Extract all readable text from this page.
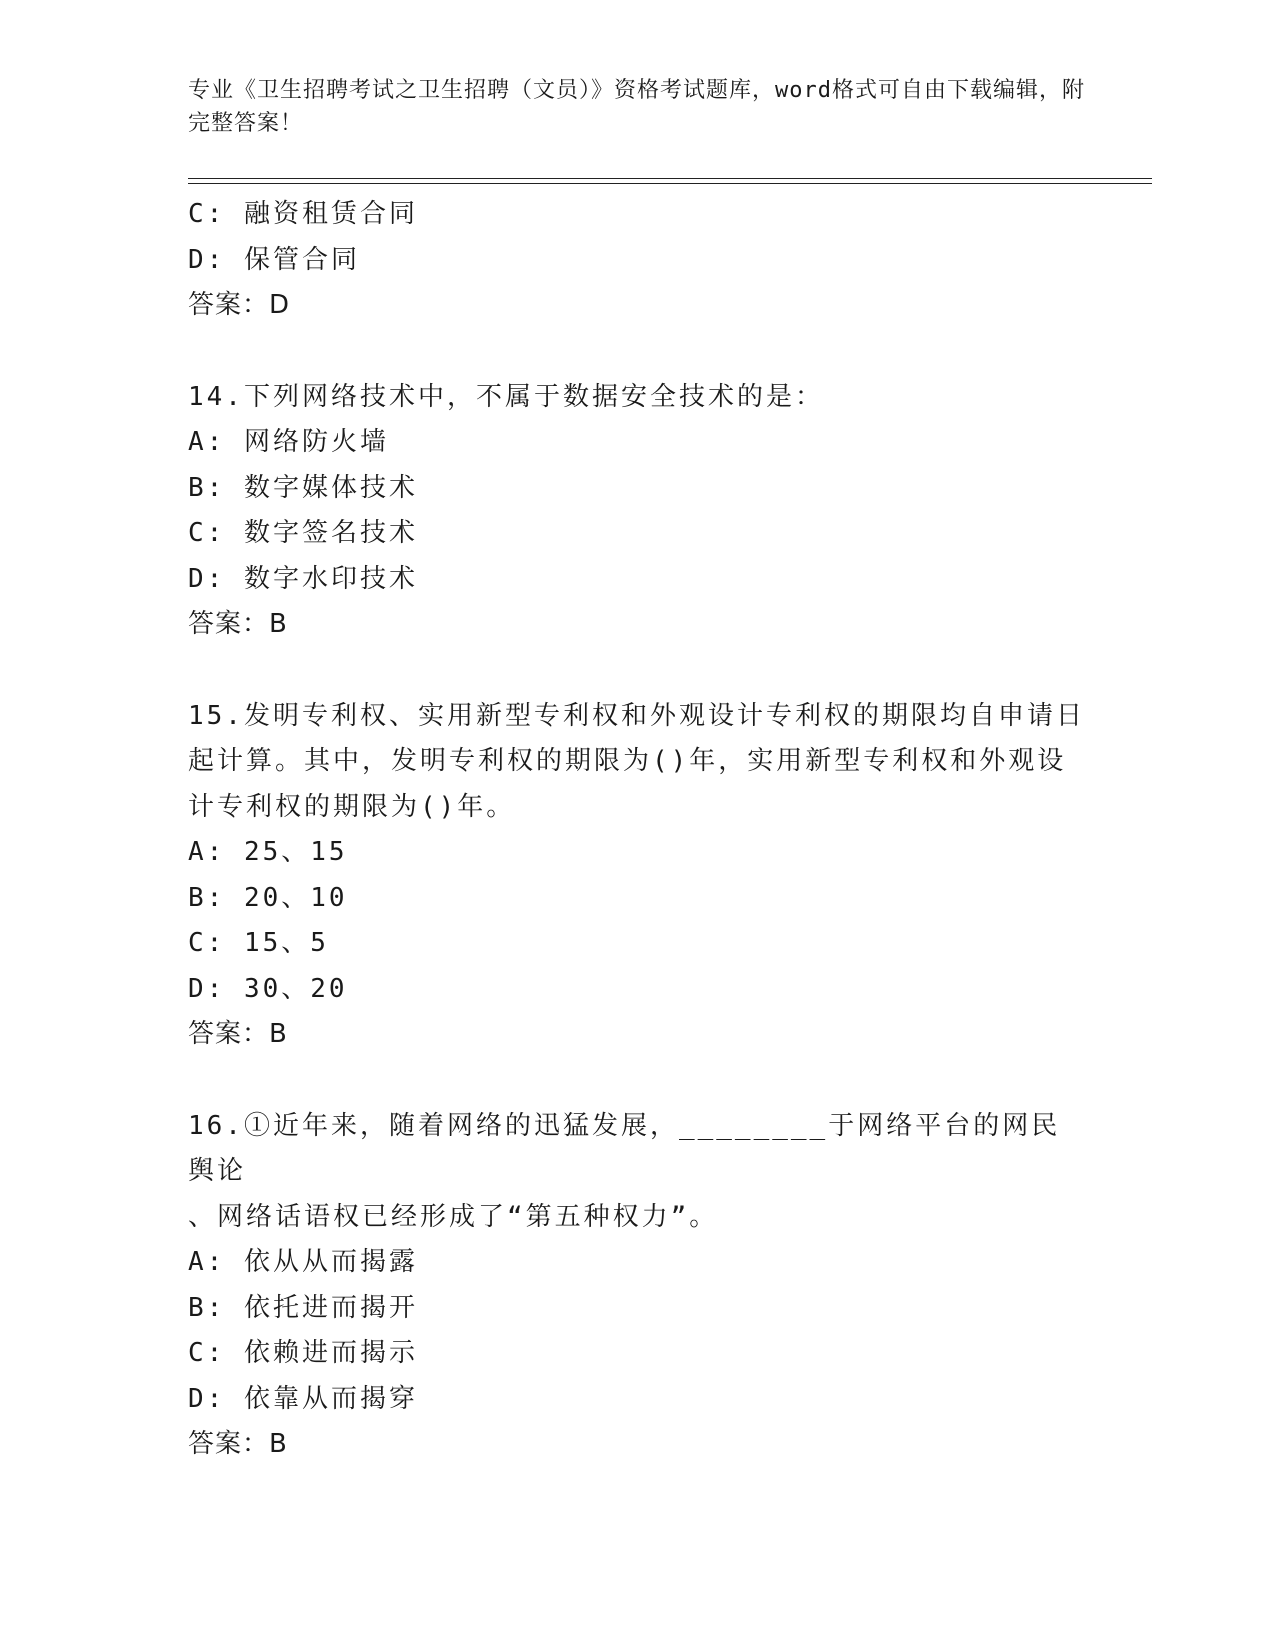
专业《卫生招聘考试之卫生招聘（文员）》资格考试题库，word格式可自由下载编辑，附完整答案！
C: 融资租赁合同
D: 保管合同
答案：D
14.下列网络技术中，不属于数据安全技术的是：
A: 网络防火墙
B: 数字媒体技术
C: 数字签名技术
D: 数字水印技术
答案：B
15.发明专利权、实用新型专利权和外观设计专利权的期限均自申请日
起计算。其中，发明专利权的期限为()年，实用新型专利权和外观设
计专利权的期限为()年。
A: 25、15
B: 20、10
C: 15、5
D: 30、20
答案：B
16.①近年来，随着网络的迅猛发展，________于网络平台的网民舆论
、网络话语权已经形成了“第五种权力”。
A: 依从从而揭露
B: 依托进而揭开
C: 依赖进而揭示
D: 依靠从而揭穿
答案：B
